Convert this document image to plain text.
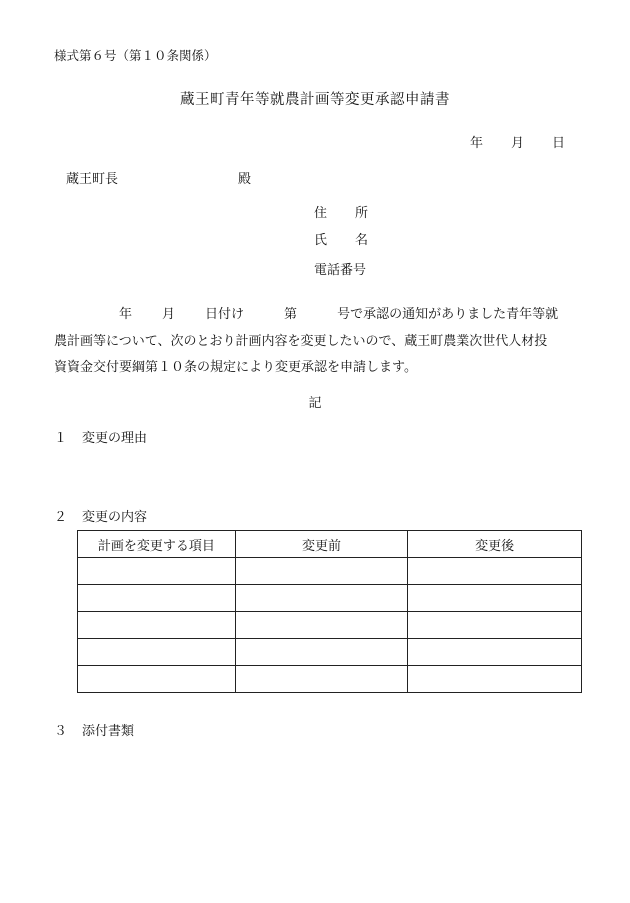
様式第６号（第１０条関係）
蔵王町青年等就農計画等変更承認申請書
年 月 日
蔵王町長	殿
住 所
氏 名
電話番号
年 月 日付け	第	号で承認の通知がありました青年等就
農計画等について、次のとおり計画内容を変更したいので、蔵王町農業次世代人材投
資資金交付要綱第１０条の規定により変更承認を申請します。
記
１ 変更の理由
２ 変更の内容
計画を変更する項目	変更前	変更後

３ 添付書類
